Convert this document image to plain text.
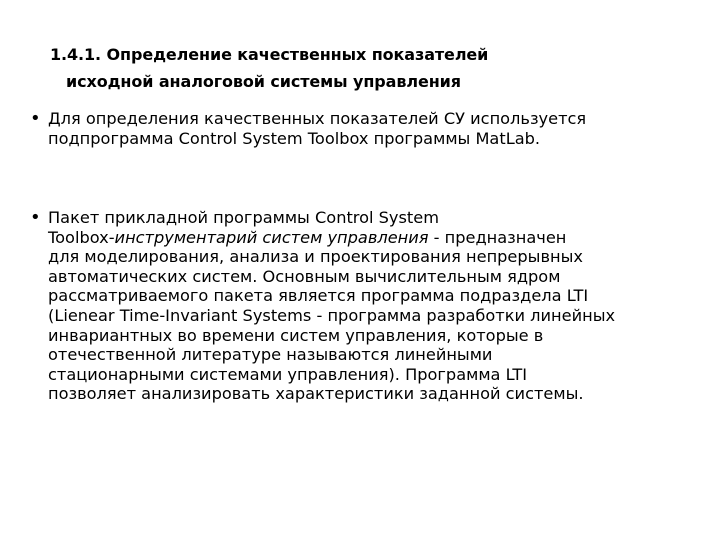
1.4.1. Определение качественных показателей
исходной аналоговой системы управления
• Для определения качественных показателей СУ используется
подпрограмма Control System Toolbox программы MatLab.
• Пакет прикладной программы Control System
Toolbox-инструментарий систем управления - предназначен
для моделирования, анализа и проектирования непрерывных
автоматических систем. Основным вычислительным ядром
рассматриваемого пакета является программа подраздела LTI
(Lienear Time-Invariant Systems - программа разработки линейных
инвариантных во времени систем управления, которые в
отечественной литературе называются линейными
стационарными системами управления). Программа LTI
позволяет анализировать характеристики заданной системы.
